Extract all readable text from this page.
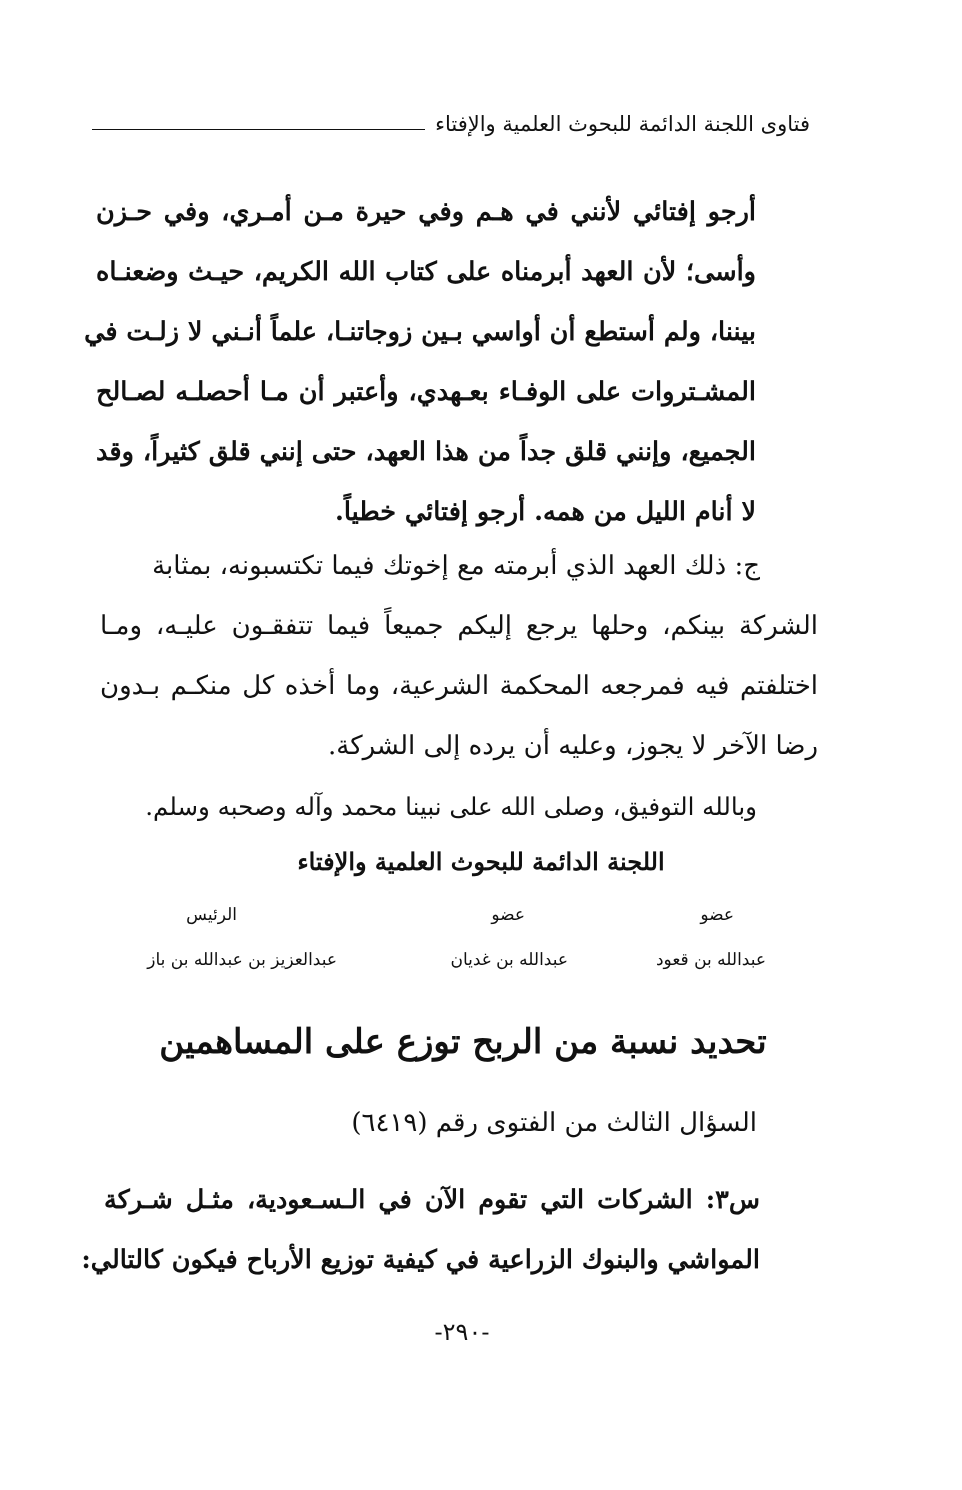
فتاوى اللجنة الدائمة للبحوث العلمية والإفتاء
أرجو إفتائي لأنني في هـم وفي حيرة مـن أمـري، وفي حـزن
وأسى؛ لأن العهد أبرمناه على كتاب الله الكريم، حيـث وضعنـاه
بيننا، ولم أستطع أن أواسي بـين زوجاتنـا، علماً أنـني لا زلـت في
المشـتروات على الوفـاء بعـهدي، وأعتبر أن مـا أحصلـه لصـالح
الجميع، وإنني قلق جداً من هذا العهد، حتى إنني قلق كثيراً، وقد
لا أنام الليل من همه. أرجو إفتائي خطياً.
ج: ذلك العهد الذي أبرمته مع إخوتك فيما تكتسبونه، بمثابة
الشركة بينكم، وحلها يرجع إليكم جميعاً فيما تتفقـون عليـه، ومـا
اختلفتم فيه فمرجعه المحكمة الشرعية، وما أخذه كل منكـم بـدون
رضا الآخر لا يجوز، وعليه أن يرده إلى الشركة.
وبالله التوفيق، وصلى الله على نبينا محمد وآله وصحبه وسلم.
اللجنة الدائمة للبحوث العلمية والإفتاء
عضو
عبدالله بن قعود
عضو
عبدالله بن غديان
الرئيس
عبدالعزيز بن عبدالله بن باز
تحديد نسبة من الربح توزع على المساهمين
السؤال الثالث من الفتوى رقم (٦٤١٩)
س٣: الشركات التي تقوم الآن في الـسـعودية، مثـل شـركة
المواشي والبنوك الزراعية في كيفية توزيع الأرباح فيكون كالتالي:
-٢٩٠-
